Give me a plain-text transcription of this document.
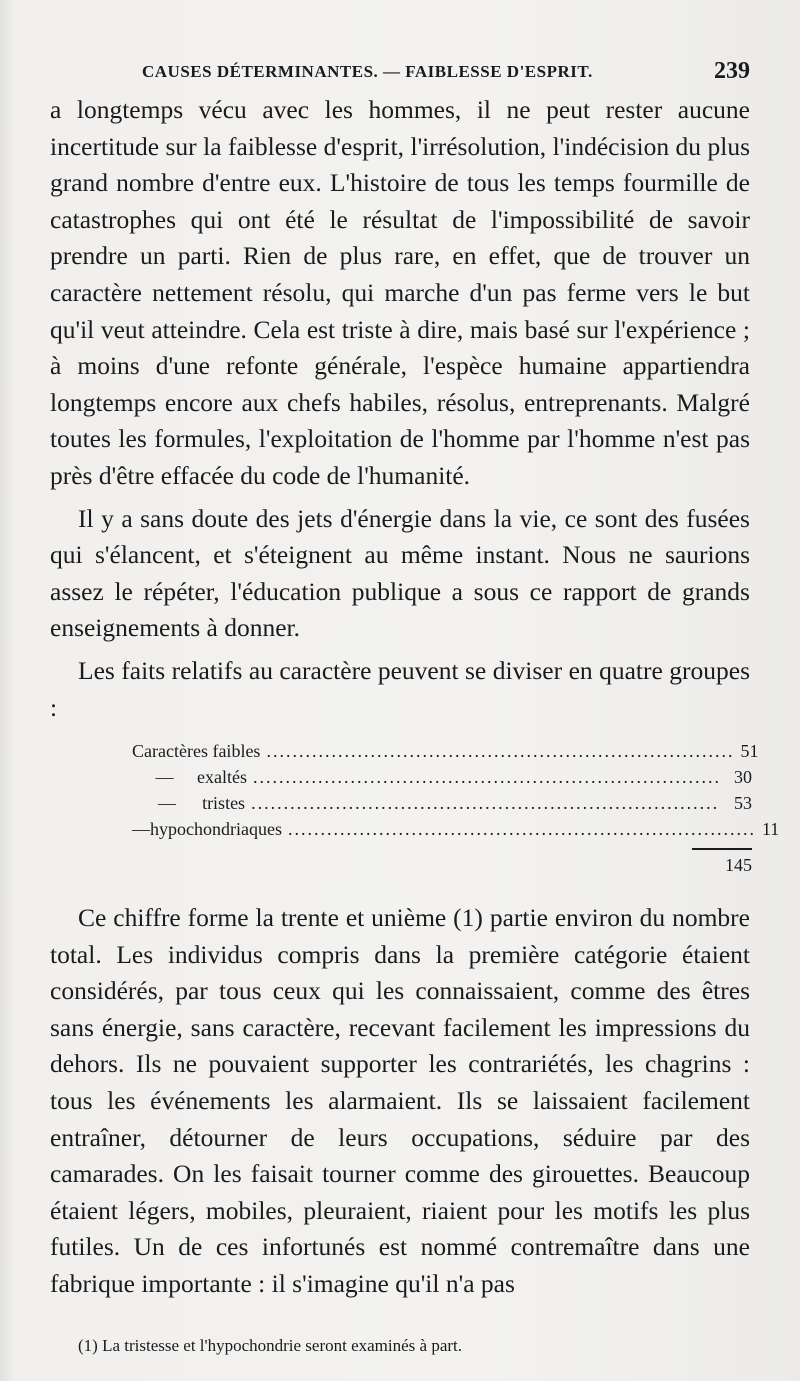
CAUSES DÉTERMINANTES. — FAIBLESSE D'ESPRIT.	239

a longtemps vécu avec les hommes, il ne peut rester aucune incertitude sur la faiblesse d'esprit, l'irrésolution, l'indécision du plus grand nombre d'entre eux. L'histoire de tous les temps fourmille de catastrophes qui ont été le résultat de l'impossibilité de savoir prendre un parti. Rien de plus rare, en effet, que de trouver un caractère nettement résolu, qui marche d'un pas ferme vers le but qu'il veut atteindre. Cela est triste à dire, mais basé sur l'expérience ; à moins d'une refonte générale, l'espèce humaine appartiendra longtemps encore aux chefs habiles, résolus, entreprenants. Malgré toutes les formules, l'exploitation de l'homme par l'homme n'est pas près d'être effacée du code de l'humanité.

Il y a sans doute des jets d'énergie dans la vie, ce sont des fusées qui s'élancent, et s'éteignent au même instant. Nous ne saurions assez le répéter, l'éducation publique a sous ce rapport de grands enseignements à donner.

Les faits relatifs au caractère peuvent se diviser en quatre groupes :

Caractères faibles ........................................................................ 51
—	exaltés ........................................................................ 30
—	tristes ........................................................................ 53
— hypochondriaques ........................................................................ 11
145

Ce chiffre forme la trente et unième (1) partie environ du nombre total. Les individus compris dans la première catégorie étaient considérés, par tous ceux qui les connaissaient, comme des êtres sans énergie, sans caractère, recevant facilement les impressions du dehors. Ils ne pouvaient supporter les contrariétés, les chagrins : tous les événements les alarmaient. Ils se laissaient facilement entraîner, détourner de leurs occupations, séduire par des camarades. On les faisait tourner comme des girouettes. Beaucoup étaient légers, mobiles, pleuraient, riaient pour les motifs les plus futiles. Un de ces infortunés est nommé contremaître dans une fabrique importante : il s'imagine qu'il n'a pas

(1) La tristesse et l'hypochondrie seront examinés à part.
